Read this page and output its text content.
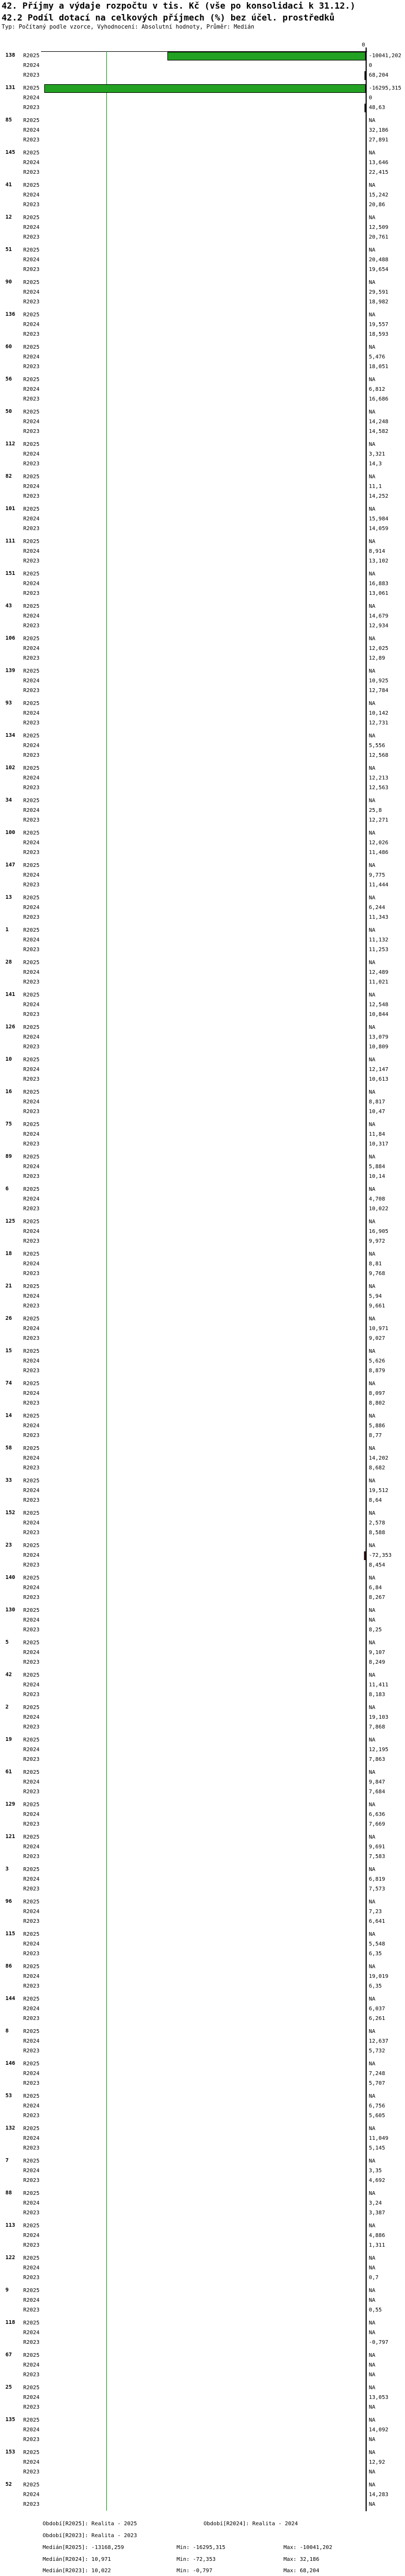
42. Příjmy a výdaje rozpočtu v tis. Kč (vše po konsolidaci k 31.12.)
42.2 Podíl dotací na celkových příjmech (%) bez účel. prostředků
Typ: Počítaný podle vzorce, Vyhodnocení: Absolutní hodnoty, Průměr: Medián
0
138 R2025	-10041,202
R2024	0
R2023	68,204
131 R2025	-16295,315
R2024	0
R2023	48,63
85 R2025	NA
R2024	32,186
R2023	27,891
145 R2025	NA
R2024	13,646
R2023	22,415
41 R2025	NA
R2024	15,242
R2023	20,86
12 R2025	NA
R2024	12,509
R2023	20,761
51 R2025	NA
R2024	20,488
R2023	19,654
90 R2025	NA
R2024	29,591
R2023	18,982
136 R2025	NA
R2024	19,557
R2023	18,593
60 R2025	NA
R2024	5,476
R2023	18,051
56 R2025	NA
R2024	6,812
R2023	16,686
50 R2025	NA
R2024	14,248
R2023	14,582
112 R2025	NA
R2024	3,321
R2023	14,3
82 R2025	NA
R2024	11,1
R2023	14,252
101 R2025	NA
R2024	15,984
R2023	14,059
111 R2025	NA
R2024	8,914
R2023	13,102
151 R2025	NA
R2024	16,883
R2023	13,061
43 R2025	NA
R2024	14,679
R2023	12,934
106 R2025	NA
R2024	12,025
R2023	12,89
139 R2025	NA
R2024	10,925
R2023	12,784
93 R2025	NA
R2024	10,142
R2023	12,731
134 R2025	NA
R2024	5,556
R2023	12,568
102 R2025	NA
R2024	12,213
R2023	12,563
34 R2025	NA
R2024	25,8
R2023	12,271
100 R2025	NA
R2024	12,026
R2023	11,486
147 R2025	NA
R2024	9,775
R2023	11,444
13 R2025	NA
R2024	6,244
R2023	11,343
1	R2025	NA
R2024	11,132
R2023	11,253
28 R2025	NA
R2024	12,489
R2023	11,021
141 R2025	NA
R2024	12,548
R2023	10,844
126 R2025	NA
R2024	13,079
R2023	10,809
10 R2025	NA
R2024	12,147
R2023	10,613
16 R2025	NA
R2024	8,817
R2023	10,47
75 R2025	NA
R2024	11,84
R2023	10,317
89 R2025	NA
R2024	5,884
R2023	10,14
6	R2025	NA
R2024	4,708
R2023	10,022
125 R2025	NA
R2024	16,905
R2023	9,972
18 R2025	NA
R2024	8,81
R2023	9,768
21 R2025	NA
R2024	5,94
R2023	9,661
26 R2025	NA
R2024	10,971
R2023	9,027
15 R2025	NA
R2024	5,626
R2023	8,879
74 R2025	NA
R2024	8,097
R2023	8,802
14 R2025	NA
R2024	5,886
R2023	8,77
58 R2025	NA
R2024	14,202
R2023	8,682
33 R2025	NA
R2024	19,512
R2023	8,64
152 R2025	NA
R2024	2,578
R2023	8,588
23 R2025	NA
R2024	-72,353
R2023	8,454
140 R2025	NA
R2024	6,84
R2023	8,267
130 R2025	NA
R2024	NA
R2023	8,25
5	R2025	NA
R2024	9,107
R2023	8,249
42 R2025	NA
R2024	11,411
R2023	8,183
2	R2025	NA
R2024	19,103
R2023	7,868
19 R2025	NA
R2024	12,195
R2023	7,863
61 R2025	NA
R2024	9,847
R2023	7,684
129 R2025	NA
R2024	6,636
R2023	7,669
121 R2025	NA
R2024	9,691
R2023	7,583
3	R2025	NA
R2024	6,819
R2023	7,573
96 R2025	NA
R2024	7,23
R2023	6,641
115 R2025	NA
R2024	5,548
R2023	6,35
86 R2025	NA
R2024	19,019
R2023	6,35
144 R2025	NA
R2024	6,037
R2023	6,261
8	R2025	NA
R2024	12,637
R2023	5,732
146 R2025	NA
R2024	7,248
R2023	5,707
53 R2025	NA
R2024	6,756
R2023	5,605
132 R2025	NA
R2024	11,049
R2023	5,145
7	R2025	NA
R2024	3,35
R2023	4,692
88 R2025	NA
R2024	3,24
R2023	3,387
113 R2025	NA
R2024	4,886
R2023	1,311
122 R2025	NA
R2024	NA
R2023	0,7
9	R2025	NA
R2024	NA
R2023	0,55
118 R2025	NA
R2024	NA
R2023	-0,797
67 R2025	NA
R2024	NA
R2023	NA
25 R2025	NA
R2024	13,053
R2023	NA
135 R2025	NA
R2024	14,092
R2023	NA
153 R2025	NA
R2024	12,92
R2023	NA
52 R2025	NA
R2024	14,283
R2023	NA
Období[R2025]: Realita - 2025	Období[R2024]: Realita - 2024
Období[R2023]: Realita - 2023
Medián[R2025]: -13168,259	Min: -16295,315	Max: -10041,202
Medián[R2024]: 10,971	Min: -72,353	Max: 32,186
Medián[R2023]: 10,022	Min: -0,797	Max: 68,204
